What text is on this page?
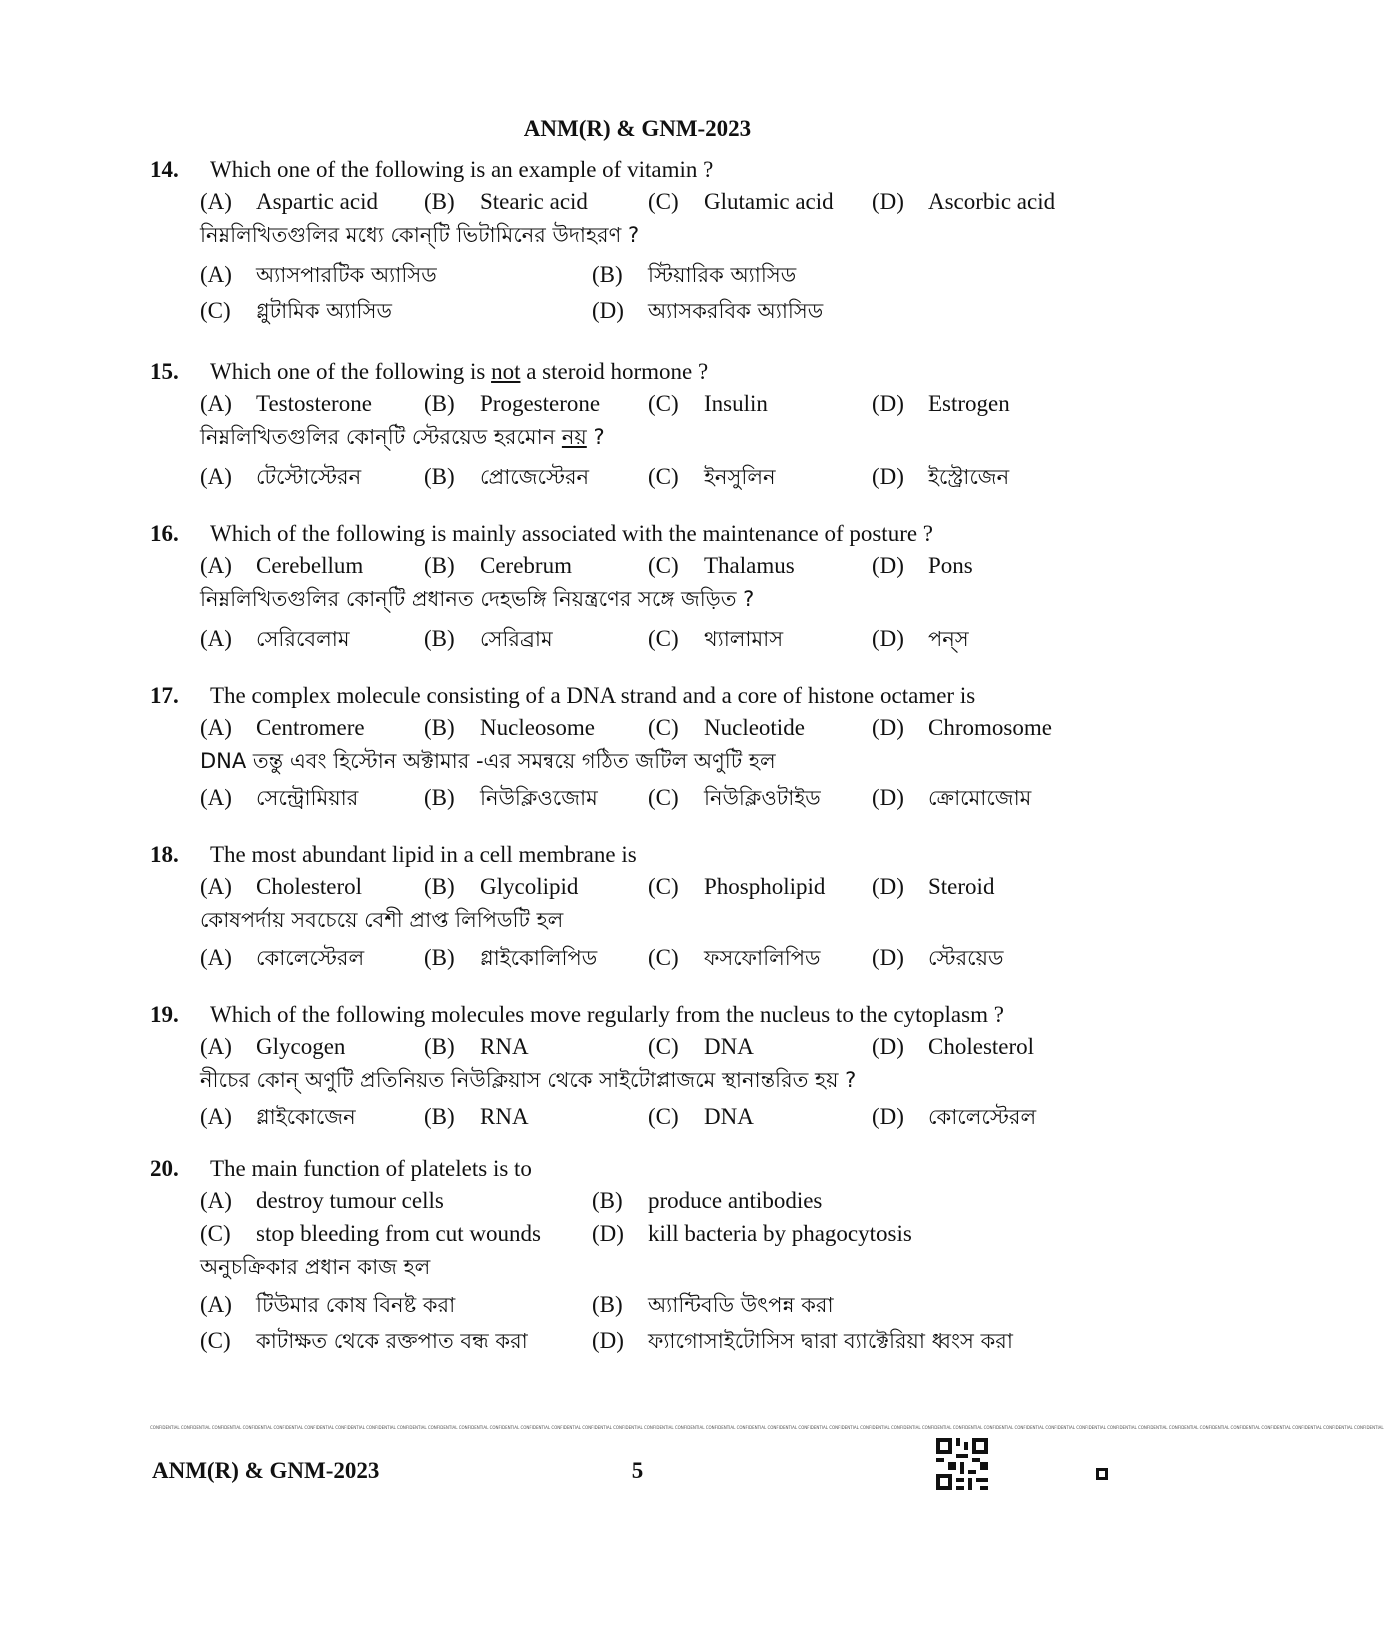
ANM(R) & GNM-2023
14. Which one of the following is an example of vitamin ?
(A) Aspartic acid (B) Stearic acid	(C) Glutamic acid (D) Ascorbic acid
নিম্নলিখিতগুলির মধ্যে কোন্‌টি ভিটামিনের উদাহরণ ?
(A) অ্যাসপারটিক অ্যাসিড	(B) স্টিয়ারিক অ্যাসিড
(C) গ্লুটামিক অ্যাসিড	(D) অ্যাসকরবিক অ্যাসিড
15. Which one of the following is not a steroid hormone ?
(A) Testosterone (B) Progesterone (C) Insulin	(D) Estrogen
নিম্নলিখিতগুলির কোন্‌টি স্টেরয়েড হরমোন নয় ?
(A) টেস্টোস্টেরন	(B) প্রোজেস্টেরন	(C) ইনসুলিন	(D) ইস্ট্রোজেন
16. Which of the following is mainly associated with the maintenance of posture ?
(A) Cerebellum	(B) Cerebrum	(C) Thalamus	(D) Pons
নিম্নলিখিতগুলির কোন্‌টি প্রধানত দেহভঙ্গি নিয়ন্ত্রণের সঙ্গে জড়িত ?
(A) সেরিবেলাম	(B) সেরিব্রাম	(C) থ্যালামাস	(D) পন্‌স
17. The complex molecule consisting of a DNA strand and a core of histone octamer is
(A) Centromere	(B) Nucleosome (C) Nucleotide	(D) Chromosome
DNA তন্তু এবং হিস্টোন অক্টামার -এর সমন্বয়ে গঠিত জটিল অণুটি হল
(A) সেন্ট্রোমিয়ার	(B) নিউক্লিওজোম (C) নিউক্লিওটাইড (D) ক্রোমোজোম
18. The most abundant lipid in a cell membrane is
(A) Cholesterol	(B) Glycolipid	(C) Phospholipid (D) Steroid
কোষপর্দায় সবচেয়ে বেশী প্রাপ্ত লিপিডটি হল
(A) কোলেস্টেরল	(B) গ্লাইকোলিপিড (C) ফসফোলিপিড (D) স্টেরয়েড
19. Which of the following molecules move regularly from the nucleus to the cytoplasm ?
(A) Glycogen	(B) RNA	(C) DNA	(D) Cholesterol
নীচের কোন্ অণুটি প্রতিনিয়ত নিউক্লিয়াস থেকে সাইটোপ্লাজমে স্থানান্তরিত হয় ?
(A) গ্লাইকোজেন	(B) RNA	(C) DNA	(D) কোলেস্টেরল
20. The main function of platelets is to
(A) destroy tumour cells	(B) produce antibodies
(C) stop bleeding from cut wounds (D) kill bacteria by phagocytosis
অনুচক্রিকার প্রধান কাজ হল
(A) টিউমার কোষ বিনষ্ট করা	(B) অ্যান্টিবডি উৎপন্ন করা
(C) কাটাক্ষত থেকে রক্তপাত বন্ধ করা	(D) ফ্যাগোসাইটোসিস দ্বারা ব্যাক্টেরিয়া ধ্বংস করা
CONFIDENTIAL CONFIDENTIAL CONFIDENTIAL CONFIDENTIAL CONFIDENTIAL CONFIDENTIAL CONFIDENTIAL CONFIDENTIAL CONFIDENTIAL CONFIDENTIAL CONFIDENTIAL CONFIDENTIAL CONFIDENTIAL CONFIDENTIAL CONFIDENTIAL CONFIDENTIAL CONFIDENTIAL CONFIDENTIAL CONFIDENTIAL CONFIDENTIAL CONFIDENTIAL CONFIDENTIAL CONFIDENTIAL CONFIDENTIAL CONFIDENTIAL CONFIDENTIAL CONFIDENTIAL CONFIDENTIAL CONFIDENTIAL CONFIDENTIAL CONFIDENTIAL CONFIDENTIAL CONFIDENTIAL CONFIDENTIAL CONFIDENTIAL CONFIDENTIAL CONFIDENTIAL CONFIDENTIAL CONFIDENTIAL CONFIDENTIAL
ANM(R) & GNM-2023	5
